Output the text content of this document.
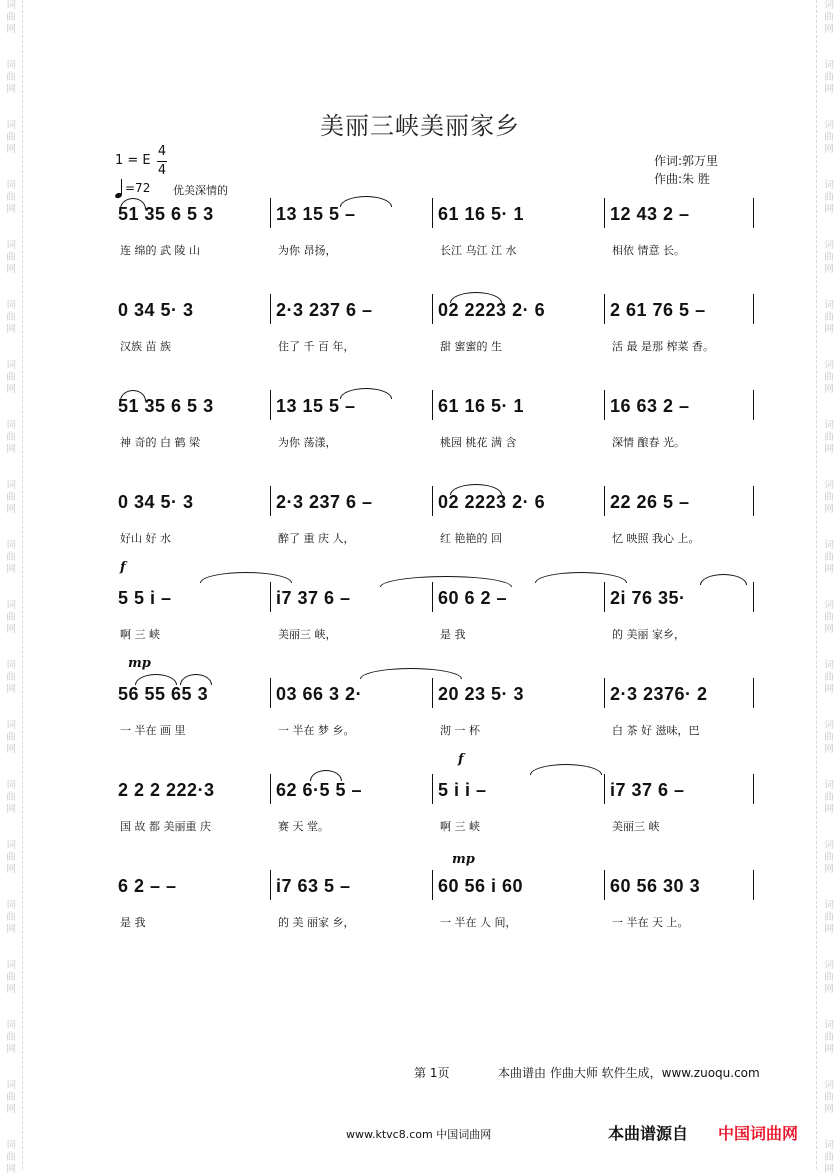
词
曲
网
词
曲
网
词
曲
网
词
曲
网
词
曲
网
词
曲
网
词
曲
网
词
曲
网
词
曲
网
词
曲
网
词
曲
网
词
曲
网
词
曲
网
词
曲
网
词
曲
网
词
曲
网
词
曲
网
词
曲
网
词
曲
网
词
曲
网
词
曲
网
词
曲
网
词
曲
网
词
曲
网
词
曲
网
词
曲
网
词
曲
网
词
曲
网
词
曲
网
词
曲
网
词
曲
网
词
曲
网
词
曲
网
词
曲
网
词
曲
网
词
曲
网
词
曲
网
词
曲
网
词
曲
网
词
曲
网
美丽三峡美丽家乡
1 = E
4
4
=72 优美深情的
作词:郭万里
作曲:朱 胜
51 35 6 5 3	13 15 5 –	61 16 5· 1	12 43 2 –
连 绵的 武 陵 山	为你 昂扬，	长江 乌江 江 水	相依 情意 长。
0 34 5· 3	2·3 237 6 –	02 2223 2· 6	2 61 76 5 –
汉族 苗 族	住了 千 百 年，	甜 蜜蜜的 生	活 最 是那 榨菜 香。
51 35 6 5 3	13 15 5 –	61 16 5· 1	16 63 2 –
神 奇的 白 鹤 梁	为你 荡漾，	桃园 桃花 满 含	深情 酿春 光。
0 34 5· 3	2·3 237 6 –	02 2223 2· 6	22 26 5 –
好山 好 水	醉了 重 庆 人，	红 艳艳的 回	忆 映照 我心 上。
5 5 i –	i7 37 6 –	60 6 2 –	2i 76 35·
啊 三 峡	美丽三 峡，	是 我	的 美丽 家乡，
f
56 55 65 3	03 66 3 2·	20 23 5· 3	2·3 2376· 2
一 半在 画 里	一 半在 梦 乡。	沏 一 杯	白 茶 好 滋味，巴
mp
2 2 2 222·3	62 6·5 5 –	5 i i –	i7 37 6 –
国 故 都 美丽重 庆	赛 天 堂。	啊 三 峡	美丽三 峡
f
6 2 – –	i7 63 5 –	60 56 i 60	60 56 30 3
是 我	的 美 丽家 乡，	一 半在 人 间，	一 半在 天 上。
mp
第 1页	本曲谱由 作曲大师 软件生成，www.zuoqu.com
www.ktvc8.com 中国词曲网	本曲谱源自 中国词曲网
